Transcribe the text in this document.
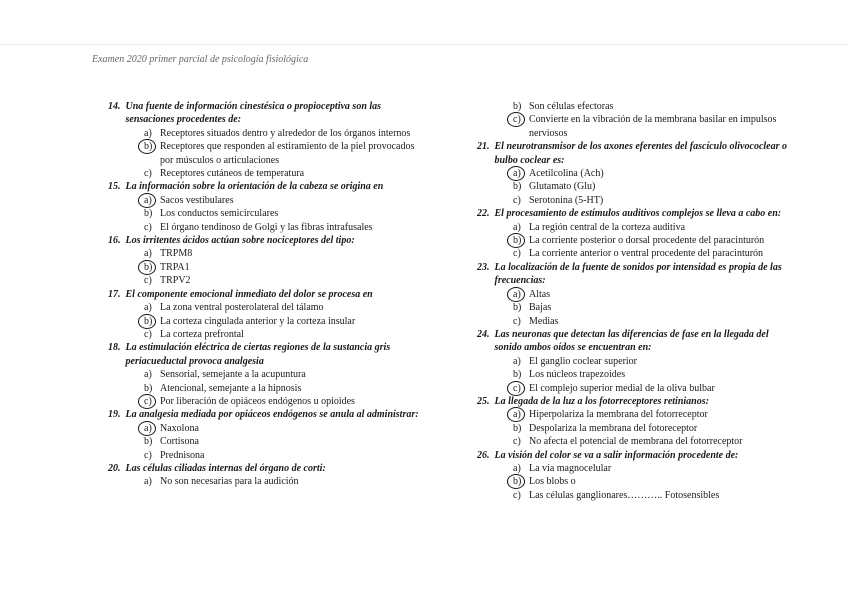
Examen 2020 primer parcial de psicología fisiológica
14. Una fuente de información cinestésica o propioceptiva son las sensaciones procedentes de:
a) Receptores situados dentro y alrededor de los órganos internos
b) Receptores que responden al estiramiento de la piel provocados por músculos o articulaciones
c) Receptores cutáneos de temperatura
15. La información sobre la orientación de la cabeza se origina en
a) Sacos vestibulares
b) Los conductos semicirculares
c) El órgano tendinoso de Golgi y las fibras intrafusales
16. Los irritentes ácidos actúan sobre nociceptores del tipo:
a) TRPM8
b) TRPA1
c) TRPV2
17. El componente emocional inmediato del dolor se procesa en
a) La zona ventral posterolateral del tálamo
b) La corteza cingulada anterior y la corteza insular
c) La corteza prefrontal
18. La estimulación eléctrica de ciertas regiones de la sustancia gris periacueductal provoca analgesia
a) Sensorial, semejante a la acupuntura
b) Atencional, semejante a la hipnosis
c) Por liberación de opiáceos endógenos u opioides
19. La analgesia mediada por opiáceos endógenos se anula al administrar:
a) Naxolona
b) Cortisona
c) Prednisona
20. Las células ciliadas internas del órgano de corti:
a) No son necesarias para la audición
b) Son células efectoras
c) Convierte en la vibración de la membrana basilar en impulsos nerviosos
21. El neurotransmisor de los axones eferentes del fascículo olivococlear o bulbo coclear es:
a) Acetilcolina (Ach)
b) Glutamato (Glu)
c) Serotonina (5-HT)
22. El procesamiento de estímulos auditivos complejos se lleva a cabo en:
a) La región central de la corteza auditiva
b) La corriente posterior o dorsal procedente del paracinturón
c) La corriente anterior o ventral procedente del paracinturón
23. La localización de la fuente de sonidos por intensidad es propia de las frecuencias:
a) Altas
b) Bajas
c) Medias
24. Las neuronas que detectan las diferencias de fase en la llegada del sonido ambos oídos se encuentran en:
a) El ganglio coclear superior
b) Los núcleos trapezoides
c) El complejo superior medial de la oliva bulbar
25. La llegada de la luz a los fotorreceptores retinianos:
a) Hiperpolariza la membrana del fotorreceptor
b) Despolariza la membrana del fotoreceptor
c) No afecta el potencial de membrana del fotorreceptor
26. La visión del color se va a salir información procedente de:
a) La vía magnocelular
b) Los blobs o
c) Las células ganglionares……….. Fotosensibles
